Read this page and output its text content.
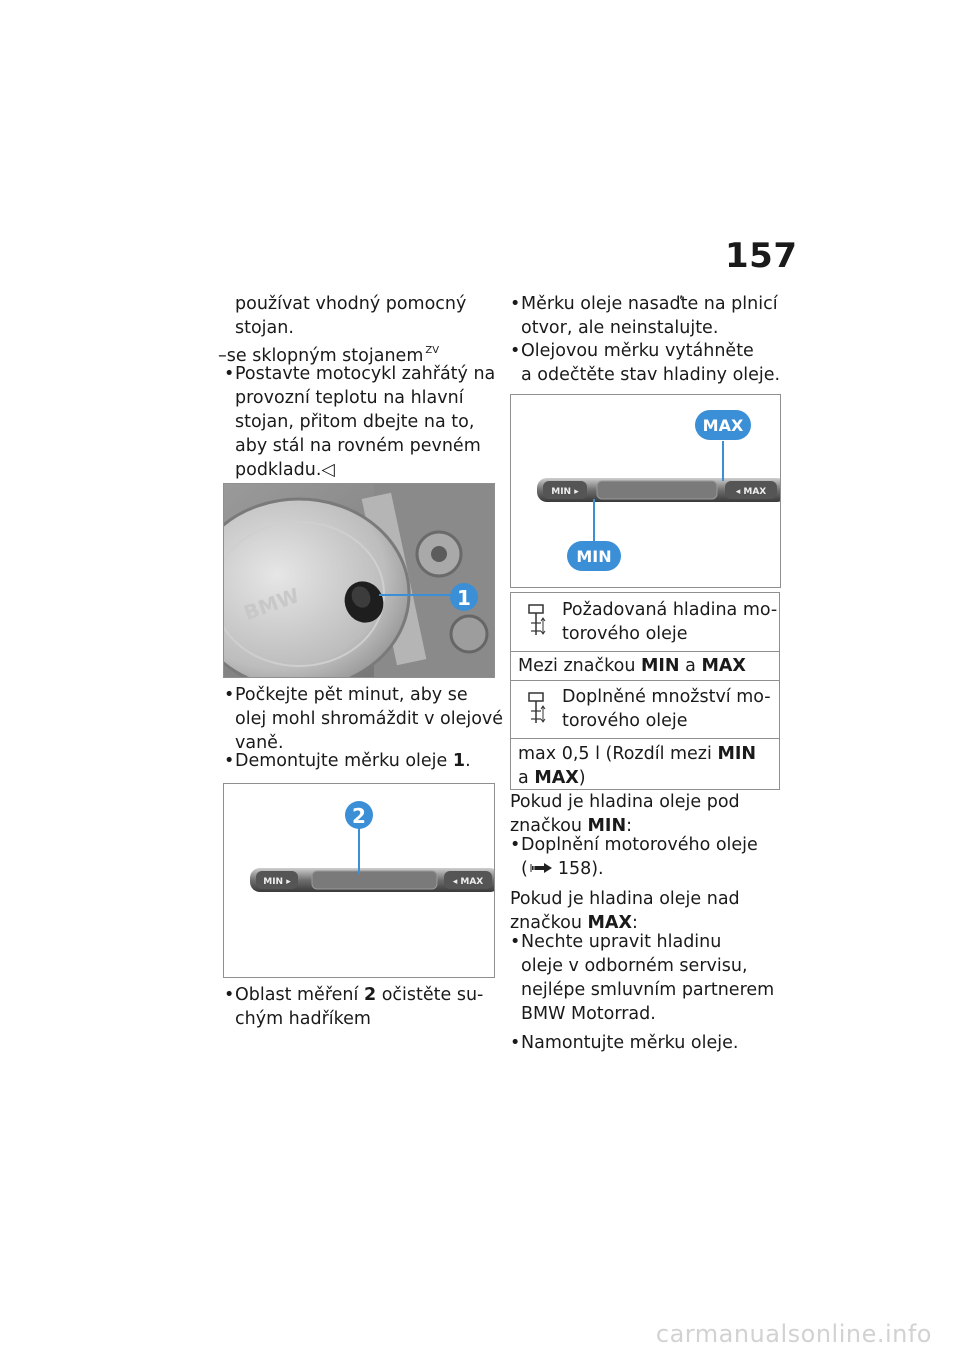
157
používat vhodný pomocný
stojan.
–se sklopným stojanem $^{ZV}$
• Postavte motocykl zahřátý na
provozní teplotu na hlavní
stojan, přitom dbejte na to,
aby stál na rovném pevném
podkladu.◁
BMW	1
• Počkejte pět minut, aby se
olej mohl shromáždit v olejové
vaně.
• Demontujte měrku oleje 1.
MIN ▸	◂ MAX
2
• Oblast měření 2 očistěte su-
chým hadříkem
• Měrku oleje nasaďte na plnicí
otvor, ale neinstalujte.
• Olejovou měrku vytáhněte
a odečtěte stav hladiny oleje.
MIN ▸	◂ MAX
MIN
MAX
Požadovaná hladina mo-
torového oleje
Mezi značkou MIN a MAX
Doplněné množství mo-
torového oleje
max 0,5 l (Rozdíl mezi MIN
a MAX)
Pokud je hladina oleje pod
značkou MIN:
• Doplnění motorového oleje
( 158).
Pokud je hladina oleje nad
značkou MAX:
• Nechte upravit hladinu
oleje v odborném servisu,
nejlépe smluvním partnerem
BMW Motorrad.
• Namontujte měrku oleje.
carmanualsonline.info
